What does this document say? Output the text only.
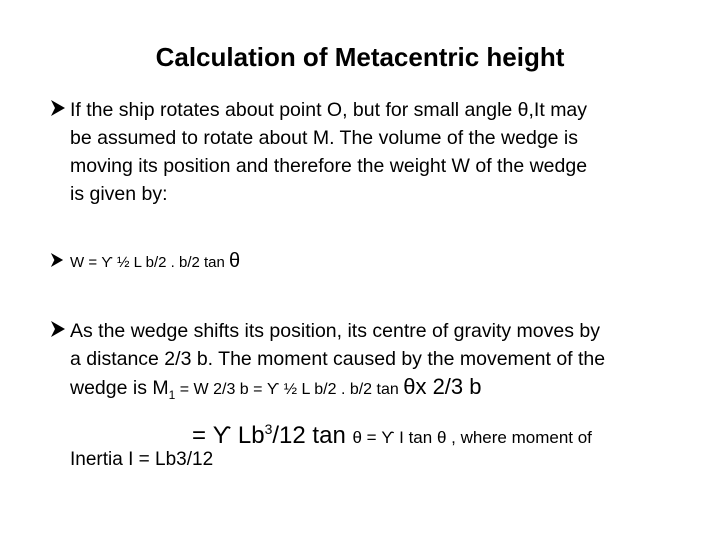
Calculation of Metacentric height
If the ship rotates about point O, but for small angle θ,It may
be assumed to rotate about M. The volume of the wedge is
moving its position and therefore the weight W of the wedge
is given by:
W = ϒ ½ L b/2 . b/2 tan θ
As the wedge shifts its position, its centre of gravity moves by
a distance 2/3 b. The moment caused by the movement of the
wedge is $M_1 = W$ 2/3 b = ϒ ½ L b/2 . b/2 tan θx 2/3 b
= ϒ Lb$^3$/12 tan θ = ϒ I tan θ , where moment of
Inertia I = Lb3/12
